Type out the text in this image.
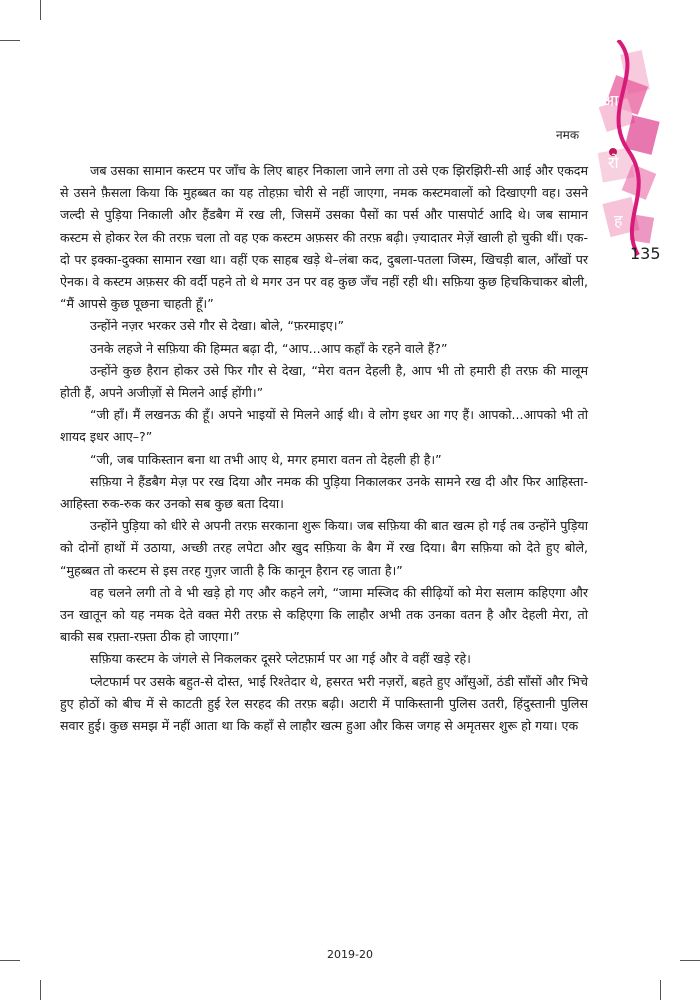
नमक
आ
रो
ह
135

जब उसका सामान कस्टम पर जाँच के लिए बाहर निकाला जाने लगा तो उसे एक झिरझिरी-सी आई और एकदम से उसने फ़ैसला किया कि मुहब्बत का यह तोहफ़ा चोरी से नहीं जाएगा, नमक कस्टमवालों को दिखाएगी वह। उसने जल्दी से पुड़िया निकाली और हैंडबैग में रख ली, जिसमें उसका पैसों का पर्स और पासपोर्ट आदि थे। जब सामान कस्टम से होकर रेल की तरफ़ चला तो वह एक कस्टम अफ़सर की तरफ़ बढ़ी। ज़्यादातर मेज़ें खाली हो चुकी थीं। एक-दो पर इक्का-दुक्का सामान रखा था। वहीं एक साहब खड़े थे–लंबा कद, दुबला-पतला जिस्म, खिचड़ी बाल, आँखों पर ऐनक। वे कस्टम अफ़सर की वर्दी पहने तो थे मगर उन पर वह कुछ जँच नहीं रही थी। सफ़िया कुछ हिचकिचाकर बोली, “मैं आपसे कुछ पूछना चाहती हूँ।”

उन्होंने नज़र भरकर उसे गौर से देखा। बोले, “फ़रमाइए।”

उनके लहजे ने सफ़िया की हिम्मत बढ़ा दी, “आप...आप कहाँ के रहने वाले हैं?”

उन्होंने कुछ हैरान होकर उसे फिर गौर से देखा, “मेरा वतन देहली है, आप भी तो हमारी ही तरफ़ की मालूम होती हैं, अपने अजीज़ों से मिलने आई होंगी।”

“जी हाँ। मैं लखनऊ की हूँ। अपने भाइयों से मिलने आई थी। वे लोग इधर आ गए हैं। आपको...आपको भी तो शायद इधर आए–?”

“जी, जब पाकिस्तान बना था तभी आए थे, मगर हमारा वतन तो देहली ही है।”

सफ़िया ने हैंडबैग मेज़ पर रख दिया और नमक की पुड़िया निकालकर उनके सामने रख दी और फिर आहिस्ता-आहिस्ता रुक-रुक कर उनको सब कुछ बता दिया।

उन्होंने पुड़िया को धीरे से अपनी तरफ़ सरकाना शुरू किया। जब सफ़िया की बात खत्म हो गई तब उन्होंने पुड़िया को दोनों हाथों में उठाया, अच्छी तरह लपेटा और खुद सफ़िया के बैग में रख दिया। बैग सफ़िया को देते हुए बोले, “मुहब्बत तो कस्टम से इस तरह गुज़र जाती है कि कानून हैरान रह जाता है।”

वह चलने लगी तो वे भी खड़े हो गए और कहने लगे, “जामा मस्जिद की सीढ़ियों को मेरा सलाम कहिएगा और उन खातून को यह नमक देते वक्त मेरी तरफ़ से कहिएगा कि लाहौर अभी तक उनका वतन है और देहली मेरा, तो बाकी सब रफ़्ता-रफ़्ता ठीक हो जाएगा।”

सफ़िया कस्टम के जंगले से निकलकर दूसरे प्लेटफ़ार्म पर आ गई और वे वहीं खड़े रहे।

प्लेटफार्म पर उसके बहुत-से दोस्त, भाई रिश्तेदार थे, हसरत भरी नज़रों, बहते हुए आँसुओं, ठंडी साँसों और भिचे हुए होठों को बीच में से काटती हुई रेल सरहद की तरफ़ बढ़ी। अटारी में पाकिस्तानी पुलिस उतरी, हिंदुस्तानी पुलिस सवार हुई। कुछ समझ में नहीं आता था कि कहाँ से लाहौर खत्म हुआ और किस जगह से अमृतसर शुरू हो गया। एक

2019-20
